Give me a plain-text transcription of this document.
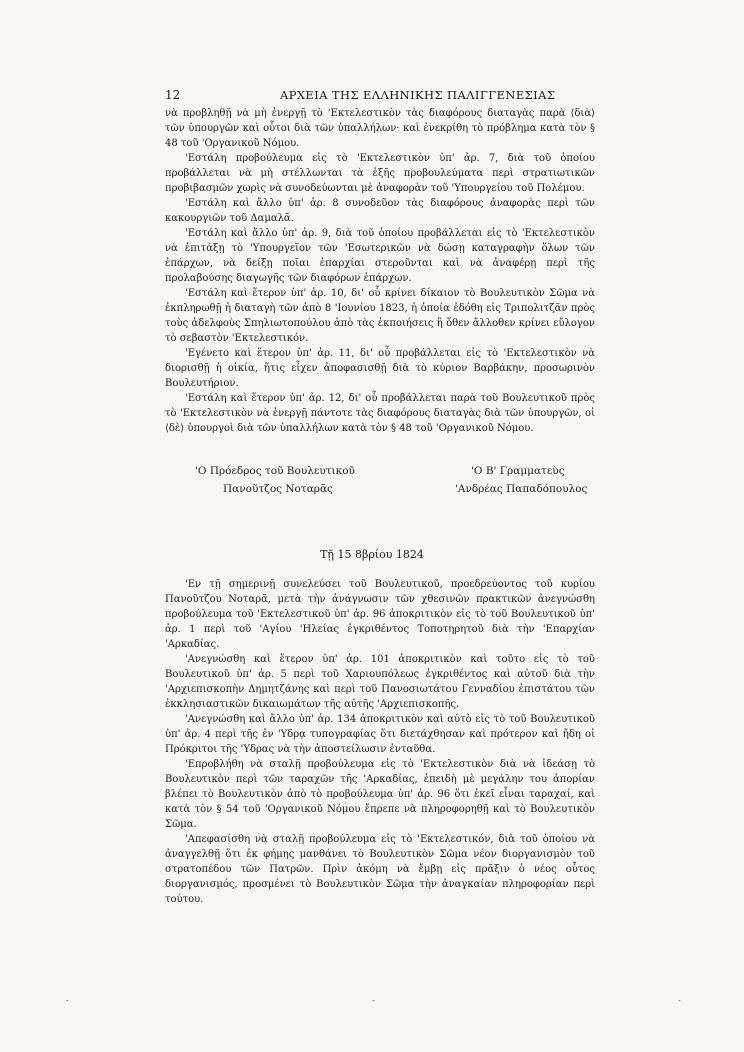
12	ΑΡΧΕΙΑ ΤΗΣ ΕΛΛΗΝΙΚΗΣ ΠΑΛΙΓΓΕΝΕΣΙΑΣ

νὰ προβληθῇ νὰ μὴ ἐνεργῇ τὸ 'Εκτελεστικὸν τὰς διαφόρους διαταγὰς παρὰ ⟨διὰ⟩ τῶν ὑπουργῶν καὶ οὗτοι διὰ τῶν ὑπαλλήλων· καὶ ἐνεκρίθη τὸ πρόβλημα κατὰ τὸν § 48 τοῦ 'Οργανικοῦ Νόμου.

'Εστάλη προβούλευμα εἰς τὸ 'Εκτελεστικὸν ὑπ' ἀρ. 7, διὰ τοῦ ὁποίου προβάλλεται νὰ μὴ στέλλωνται τὰ ἑξῆς προβουλεύματα περὶ στρατιωτικῶν προβιβασμῶν χωρὶς νὰ συνοδεύωνται μὲ ἀναφορὰν τοῦ 'Υπουργείου τοῦ Πολέμου.

'Εστάλη καὶ ἄλλο ὑπ' ἀρ. 8 συνοδεῦον τὰς διαφόρους ἀναφορὰς περὶ τῶν κακουργιῶν τοῦ Δαμαλᾶ.

'Εστάλη καὶ ἄλλο ὑπ' ἀρ. 9, διὰ τοῦ ὁποίου προβάλλεται εἰς τὸ 'Εκτελεστικὸν νὰ ἐπιτάξῃ τὸ 'Υπουργεῖον τῶν 'Εσωτερικῶν νὰ δώσῃ καταγραφὴν ὅλων τῶν ἐπάρχων, νὰ δείξῃ ποῖαι ἐπαρχίαι στεροῦνται καὶ νὰ ἀναφέρῃ περὶ τῆς προλαβούσης διαγωγῆς τῶν διαφόρων ἐπάρχων.

'Εστάλη καὶ ἕτερον ὑπ' ἀρ. 10, δι' οὗ κρίνει δίκαιον τὸ Βουλευτικὸν Σῶμα νὰ ἐκπληρωθῇ ἡ διαταγὴ τῶν ἀπὸ 8 'Ιουνίου 1823, ἡ ὁποία ἐδόθη εἰς Τριπολιτζᾶν πρὸς τοὺς ἀδελφοὺς Σπηλιωτοπούλου ἀπὸ τὰς ἐκποιήσεις ἢ ὅθεν ἄλλοθεν κρίνει εὔλογον τὸ σεβαστὸν 'Εκτελεστικόν.

'Εγένετο καὶ ἕτερον ὑπ' ἀρ. 11, δι' οὗ προβάλλεται εἰς τὸ 'Εκτελεστικὸν νὰ διορισθῇ ἡ οἰκία, ἥτις εἶχεν ἀποφασισθῇ διὰ τὸ κύριον Βαρβάκην, προσωρινὸν Βουλευτήριον.

'Εστάλη καὶ ἕτερον ὑπ' ἀρ. 12, δι' οὗ προβάλλεται παρὰ τοῦ Βουλευτικοῦ πρὸς τὸ 'Εκτελεστικὸν νὰ ἐνεργῇ πάντοτε τὰς διαφόρους διαταγὰς διὰ τῶν ὑπουργῶν, οἱ ⟨δὲ⟩ ὑπουργοὶ διὰ τῶν ὑπαλλήλων κατὰ τὸν § 48 τοῦ 'Οργανικοῦ Νόμου.

'Ο Πρόεδρος τοῦ Βουλευτικοῦ
Πανοῦτζος Νοταρᾶς
'Ο Β' Γραμματεὺς
'Ανδρέας Παπαδόπουλος
Τῇ 15 8βρίου 1824

'Εν τῇ σημερινῇ συνελεύσει τοῦ Βουλευτικοῦ, προεδρεύοντος τοῦ κυρίου Πανοῦτζου Νοταρᾶ, μετὰ τὴν ἀνάγνωσιν τῶν χθεσινῶν πρακτικῶν ἀνεγνώσθη προβούλευμα τοῦ 'Εκτελεστικοῦ ὑπ' ἀρ. 96 ἀποκριτικὸν εἰς τὸ τοῦ Βουλευτικοῦ ὑπ' ἀρ. 1 περὶ τοῦ 'Αγίου 'Ηλείας ἐγκριθέντος Τοποτηρητοῦ διὰ τὴν 'Επαρχίαν 'Αρκαδίας.

'Ανεγνώσθη καὶ ἕτερον ὑπ' ἀρ. 101 ἀποκριτικὸν καὶ τοῦτο εἰς τὸ τοῦ Βουλευτικοῦ ὑπ' ἀρ. 5 περὶ τοῦ Χαριουπόλεως ἐγκριθέντος καὶ αὐτοῦ διὰ τὴν 'Αρχιεπισκοπὴν Δημητζάνης καὶ περὶ τοῦ Πανοσιωτάτου Γενναδίου ἐπιστάτου τῶν ἐκκλησιαστικῶν δικαιωμάτων τῆς αὐτῆς 'Αρχιεπισκοπῆς.

'Ανεγνώσθη καὶ ἄλλο ὑπ' ἀρ. 134 ἀποκριτικὸν καὶ αὐτὸ εἰς τὸ τοῦ Βουλευτικοῦ ὑπ' ἀρ. 4 περὶ τῆς ἐν 'Υδρᾳ τυπογραφίας ὅτι διετάχθησαν καὶ πρότερον καὶ ἤδη οἱ Πρόκριτοι τῆς 'Υδρας νὰ τὴν ἀποστείλωσιν ἐνταῦθα.

'Επροβλήθη νὰ σταλῇ προβούλευμα εἰς τὸ 'Εκτελεστικὸν διὰ νὰ ἰδεάσῃ τὸ Βουλευτικὸν περὶ τῶν ταραχῶν τῆς 'Αρκαδίας, ἐπειδὴ μὲ μεγάλην του ἀπορίαν βλέπει τὸ Βουλευτικὸν ἀπὸ τὸ προβούλευμα ὑπ' ἀρ. 96 ὅτι ἐκεῖ εἶναι ταραχαί, καὶ κατὰ τὸν § 54 τοῦ 'Οργανικοῦ Νόμου ἔπρεπε νὰ πληροφορηθῇ καὶ τὸ Βουλευτικὸν Σῶμα.

'Απεφασίσθη νὰ σταλῇ προβούλευμα εἰς τὸ 'Εκτελεστικόν, διὰ τοῦ ὁποίου νὰ ἀναγγελθῇ ὅτι ἐκ φήμης μανθάνει τὸ Βουλευτικὸν Σῶμα νέον διοργανισμὸν τοῦ στρατοπέδου τῶν Πατρῶν. Πρὶν ἀκόμη νὰ ἔμβῃ εἰς πρᾶξιν ὁ νέος οὗτος διοργανισμός, προσμένει τὸ Βουλευτικὸν Σῶμα τὴν ἀναγκαίαν πληροφορίαν περὶ τούτου.

-	-	-
